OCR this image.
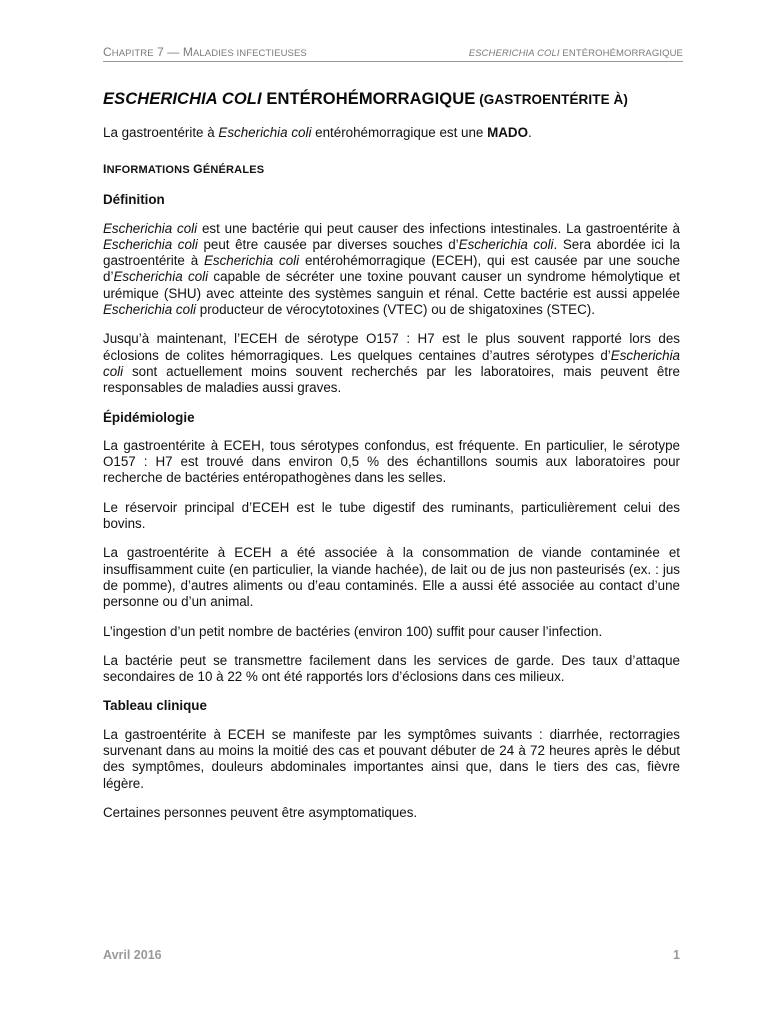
CHAPITRE 7 — MALADIES INFECTIEUSES	ESCHERICHIA COLI ENTÉROHÉMORRAGIQUE
ESCHERICHIA COLI ENTÉROHÉMORRAGIQUE (GASTROENTÉRITE À)

La gastroentérite à Escherichia coli entérohémorragique est une MADO.

INFORMATIONS GÉNÉRALES
Définition

Escherichia coli est une bactérie qui peut causer des infections intestinales. La gastroentérite à Escherichia coli peut être causée par diverses souches d’Escherichia coli. Sera abordée ici la gastroentérite à Escherichia coli entérohémorragique (ECEH), qui est causée par une souche d’Escherichia coli capable de sécréter une toxine pouvant causer un syndrome hémolytique et urémique (SHU) avec atteinte des systèmes sanguin et rénal. Cette bactérie est aussi appelée Escherichia coli producteur de vérocytotoxines (VTEC) ou de shigatoxines (STEC).

Jusqu’à maintenant, l’ECEH de sérotype O157 : H7 est le plus souvent rapporté lors des éclosions de colites hémorragiques. Les quelques centaines d’autres sérotypes d’Escherichia coli sont actuellement moins souvent recherchés par les laboratoires, mais peuvent être responsables de maladies aussi graves.

Épidémiologie

La gastroentérite à ECEH, tous sérotypes confondus, est fréquente. En particulier, le sérotype O157 : H7 est trouvé dans environ 0,5 % des échantillons soumis aux laboratoires pour recherche de bactéries entéropathogènes dans les selles.

Le réservoir principal d’ECEH est le tube digestif des ruminants, particulièrement celui des bovins.

La gastroentérite à ECEH a été associée à la consommation de viande contaminée et insuffisamment cuite (en particulier, la viande hachée), de lait ou de jus non pasteurisés (ex. : jus de pomme), d’autres aliments ou d’eau contaminés. Elle a aussi été associée au contact d’une personne ou d’un animal.

L’ingestion d’un petit nombre de bactéries (environ 100) suffit pour causer l’infection.

La bactérie peut se transmettre facilement dans les services de garde. Des taux d’attaque secondaires de 10 à 22 % ont été rapportés lors d’éclosions dans ces milieux.

Tableau clinique

La gastroentérite à ECEH se manifeste par les symptômes suivants : diarrhée, rectorragies survenant dans au moins la moitié des cas et pouvant débuter de 24 à 72 heures après le début des symptômes, douleurs abdominales importantes ainsi que, dans le tiers des cas, fièvre légère.

Certaines personnes peuvent être asymptomatiques.

Avril 2016	1
